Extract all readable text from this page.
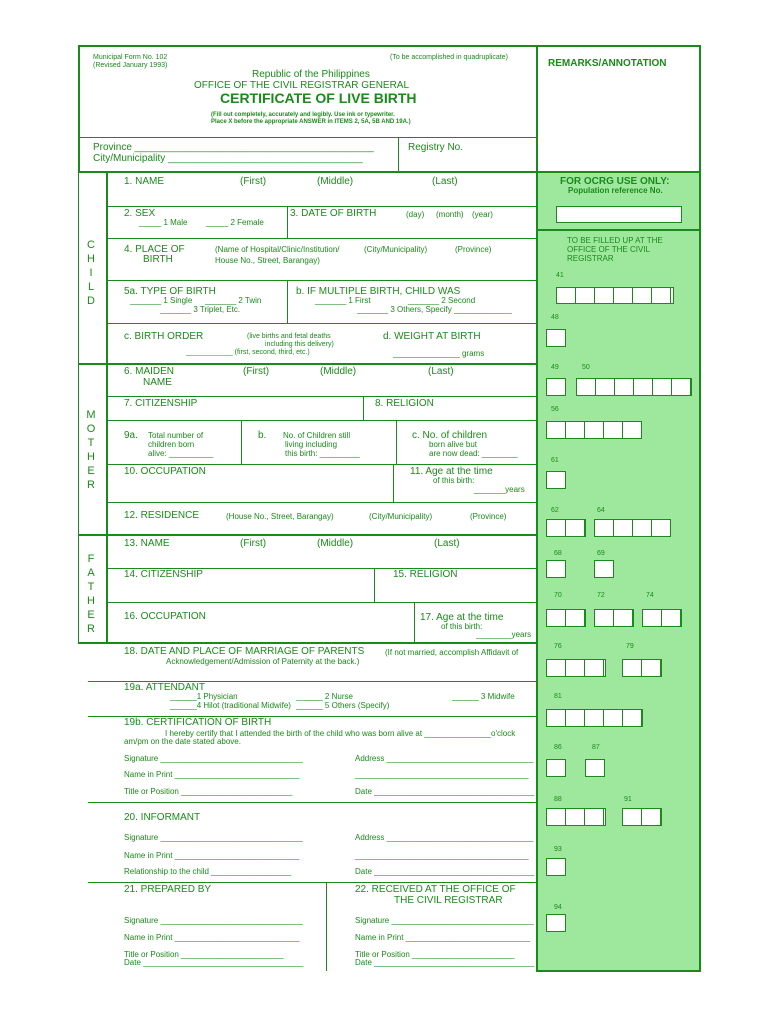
Municipal Form No. 102
(Revised January 1993)
(To be accomplished in quadruplicate)
Republic of the Philippines
OFFICE OF THE CIVIL REGISTRAR GENERAL
CERTIFICATE OF LIVE BIRTH
(Fill out completely, accurately and legibly. Use ink or typewriter.
Place X before the appropriate ANSWER in ITEMS 2, 5A, 5B AND 19A.)
REMARKS/ANNOTATION
Province ___________________________________________
City/Municipality ___________________________________
Registry No.
C
H
I
L
D
1. NAME	(First)	(Middle)	(Last)
2. SEX
_____ 1 Male _____ 2 Female
3. DATE OF BIRTH	(day) (month) (year)
4. PLACE OF
BIRTH
(Name of Hospital/Clinic/Institution/
House No., Street, Barangay)
(City/Municipality)	(Province)
5a. TYPE OF BIRTH
_______ 1 Single _______ 2 Twin
_______ 3 Triplet, Etc.
b. IF MULTIPLE BIRTH, CHILD WAS
_______ 1 First	_______ 2 Second
_______ 3 Others, Specify _____________
c. BIRTH ORDER	(live births and fetal deaths
including this delivery)
____________ (first, second, third, etc.)
d. WEIGHT AT BIRTH
_______________ grams
M
O
T
H
E
R
6. MAIDEN
NAME
(First)	(Middle)	(Last)
7. CITIZENSHIP	8. RELIGION
9a. Total number of
children born
alive: __________
b. No. of Children still
living including
this birth: _________
c. No. of children
born alive but
are now dead: ________
10. OCCUPATION	11. Age at the time
of this birth:
_______years
12. RESIDENCE	(House No., Street, Barangay)	(City/Municipality)	(Province)
F
A
T
H
E
R
13. NAME	(First)	(Middle)	(Last)
14. CITIZENSHIP	15. RELIGION
16. OCCUPATION	17. Age at the time
of this birth:
________years
18. DATE AND PLACE OF MARRIAGE OF PARENTS	(If not married, accomplish Affidavit of
Acknowledgement/Admission of Paternity at the back.)
19a. ATTENDANT
______1 Physician	______ 2 Nurse	______ 3 Midwife
______4 Hilot (traditional Midwife) ______ 5 Others (Specify)
19b. CERTIFICATION OF BIRTH
I hereby certify that I attended the birth of the child who was born alive at _______________o'clock
am/pm on the date stated above.
Signature ________________________________	Address _________________________________
Name in Print ____________________________	_______________________________________
Title or Position _________________________	Date ____________________________________
20. INFORMANT
Signature ________________________________	Address _________________________________
Name in Print ____________________________	_______________________________________
Relationship to the child __________________	Date ____________________________________
21. PREPARED BY	22. RECEIVED AT THE OFFICE OF
THE CIVIL REGISTRAR
Signature ________________________________	Signature ________________________________
Name in Print ____________________________	Name in Print ____________________________
Title or Position _______________________	Title or Position _______________________
Date ____________________________________	Date ____________________________________
FOR OCRG USE ONLY:
Population reference No.
TO BE FILLED UP AT THE
OFFICE OF THE CIVIL
REGISTRAR
41
48
49	50
56
61
62	64
68	69
70	72	74
76	79
81
86	87
88	91
93
94
